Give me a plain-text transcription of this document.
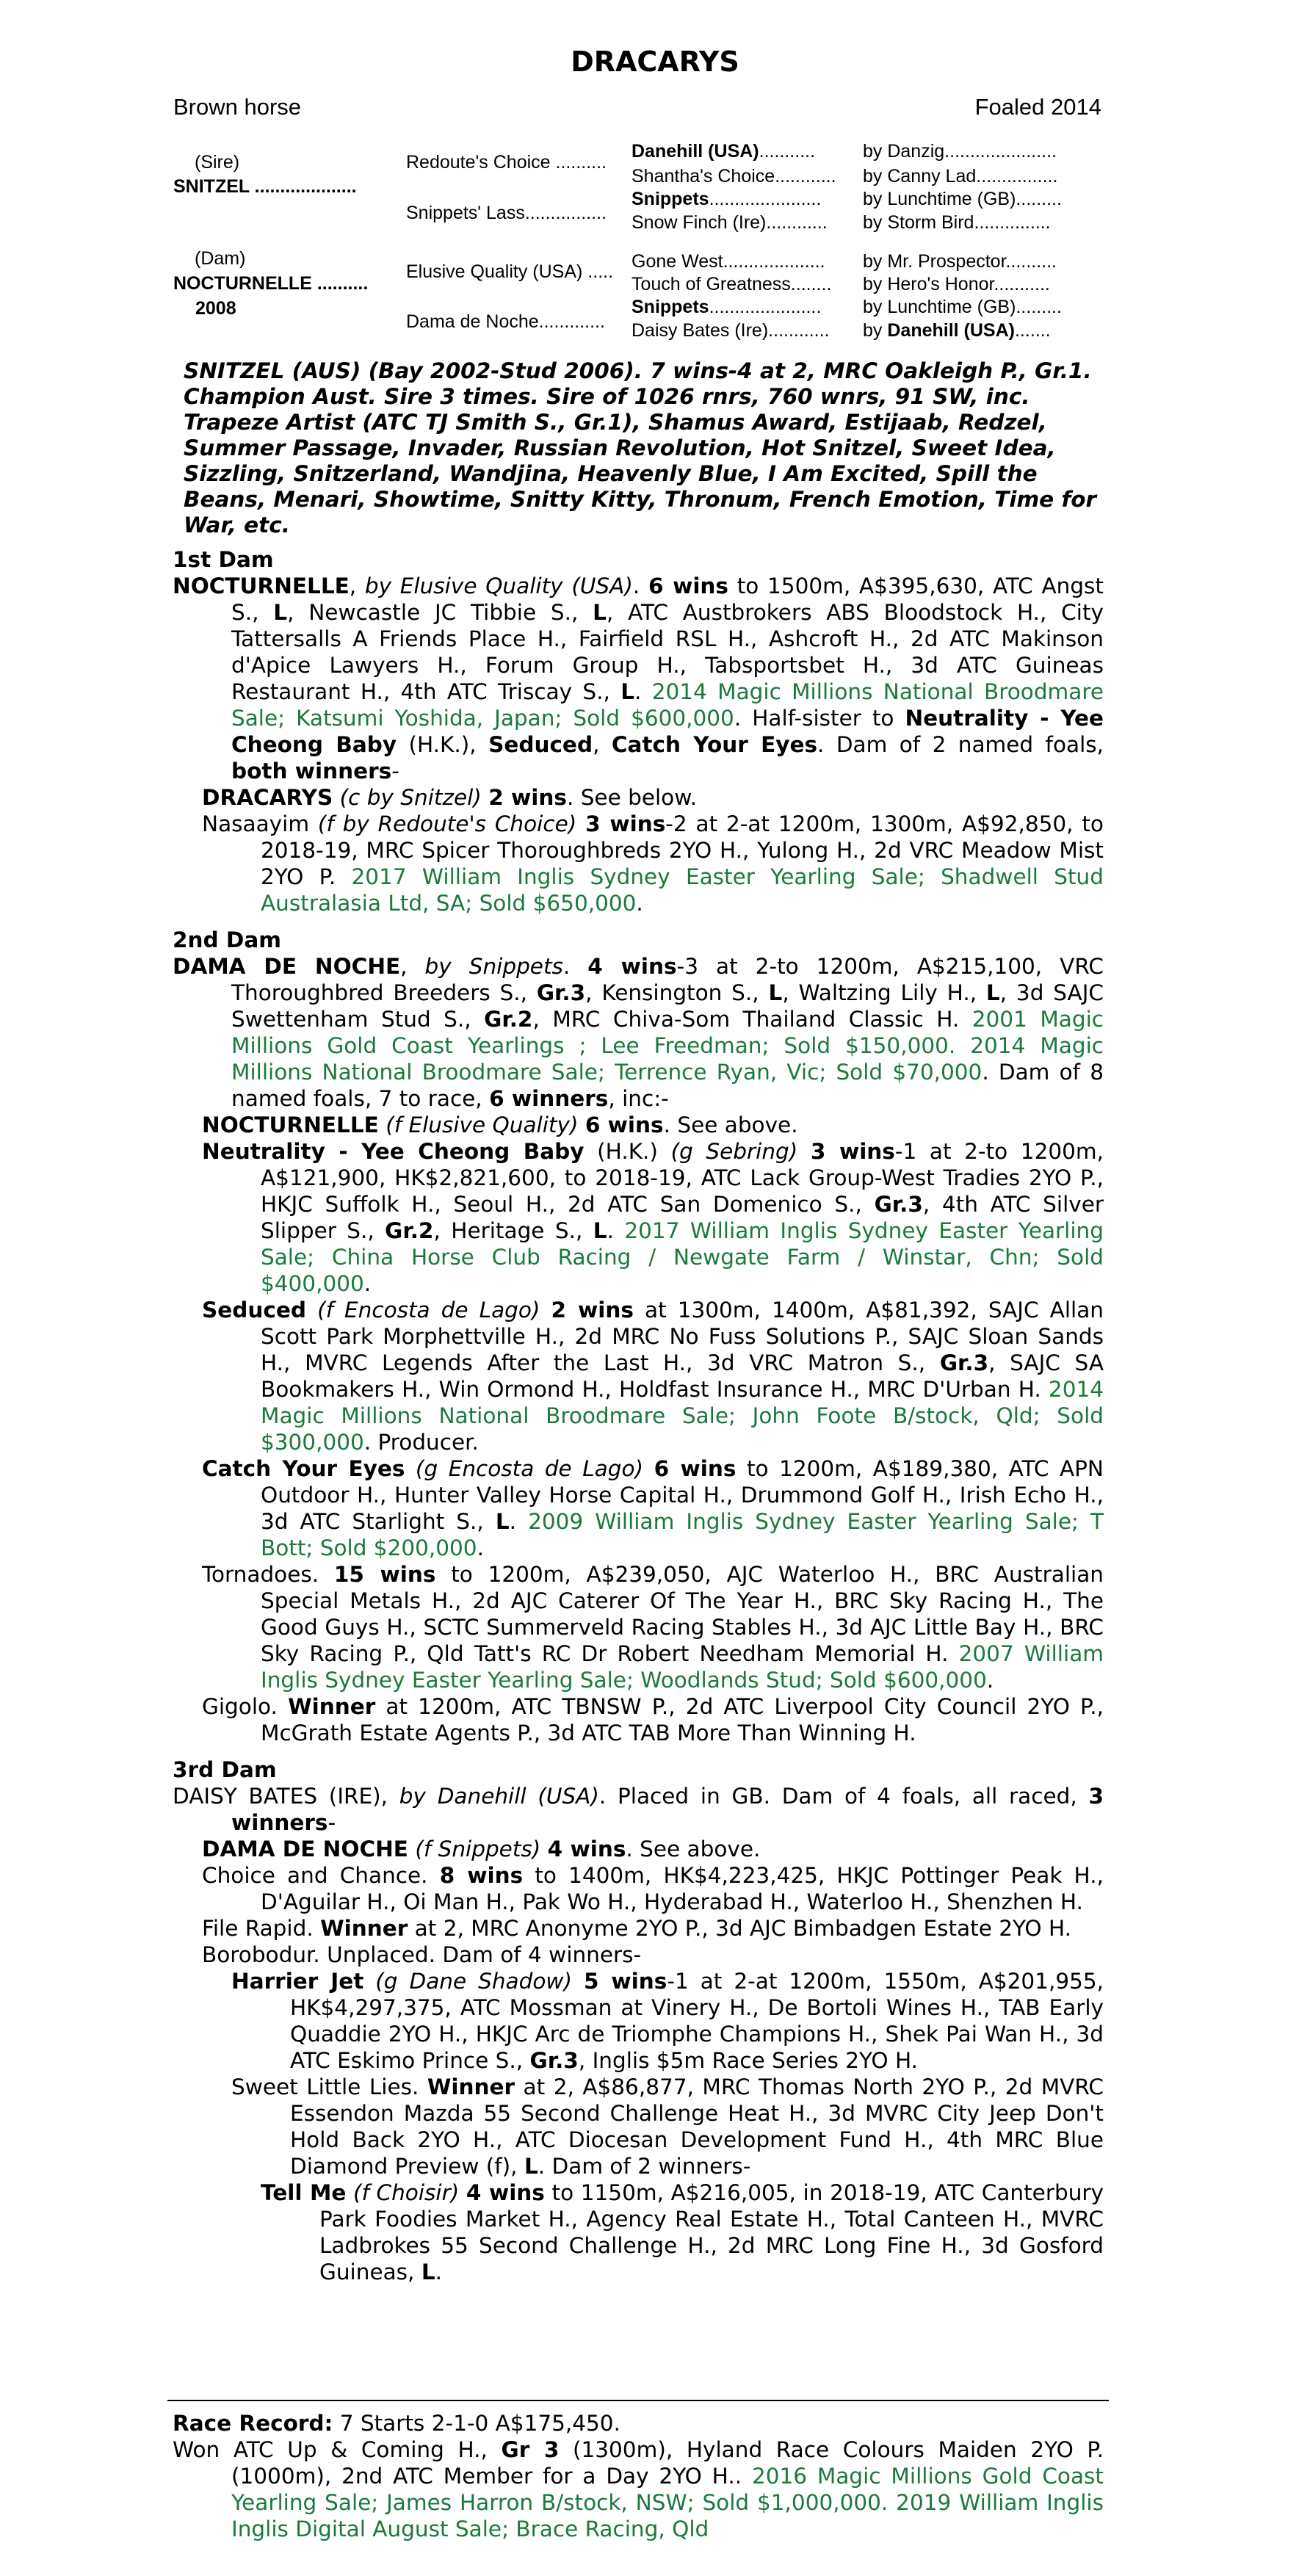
DRACARYS
Brown horse	Foaled 2014
(Sire)
SNITZEL ....................
(Dam)
NOCTURNELLE ..........
2008
Redoute's Choice ..........
Snippets' Lass................
Elusive Quality (USA) .....
Dama de Noche.............
Danehill (USA)...........	by Danzig......................
Shantha's Choice............ by Canny Lad................
Snippets...................... by Lunchtime (GB).........
Snow Finch (Ire)............ by Storm Bird...............
Gone West.................... by Mr. Prospector..........
Touch of Greatness........ by Hero's Honor...........
Snippets...................... by Lunchtime (GB).........
Daisy Bates (Ire)............ by Danehill (USA).......
SNITZEL (AUS) (Bay 2002-Stud 2006). 7 wins-4 at 2, MRC Oakleigh P., Gr.1. Champion Aust. Sire 3 times. Sire of 1026 rnrs, 760 wnrs, 91 SW, inc. Trapeze Artist (ATC TJ Smith S., Gr.1), Shamus Award, Estijaab, Redzel, Summer Passage, Invader, Russian Revolution, Hot Snitzel, Sweet Idea, Sizzling, Snitzerland, Wandjina, Heavenly Blue, I Am Excited, Spill the Beans, Menari, Showtime, Snitty Kitty, Thronum, French Emotion, Time for War, etc.
1st Dam
NOCTURNELLE, by Elusive Quality (USA). 6 wins to 1500m, A$395,630, ATC Angst S., L, Newcastle JC Tibbie S., L, ATC Austbrokers ABS Bloodstock H., City Tattersalls A Friends Place H., Fairfield RSL H., Ashcroft H., 2d ATC Makinson d'Apice Lawyers H., Forum Group H., Tabsportsbet H., 3d ATC Guineas Restaurant H., 4th ATC Triscay S., L. 2014 Magic Millions National Broodmare Sale; Katsumi Yoshida, Japan; Sold $600,000. Half-sister to Neutrality - Yee Cheong Baby (H.K.), Seduced, Catch Your Eyes. Dam of 2 named foals, both winners-
DRACARYS (c by Snitzel) 2 wins. See below.
Nasaayim (f by Redoute's Choice) 3 wins-2 at 2-at 1200m, 1300m, A$92,850, to 2018-19, MRC Spicer Thoroughbreds 2YO H., Yulong H., 2d VRC Meadow Mist 2YO P. 2017 William Inglis Sydney Easter Yearling Sale; Shadwell Stud Australasia Ltd, SA; Sold $650,000.
2nd Dam
DAMA DE NOCHE, by Snippets. 4 wins-3 at 2-to 1200m, A$215,100, VRC Thoroughbred Breeders S., Gr.3, Kensington S., L, Waltzing Lily H., L, 3d SAJC Swettenham Stud S., Gr.2, MRC Chiva-Som Thailand Classic H. 2001 Magic Millions Gold Coast Yearlings ; Lee Freedman; Sold $150,000. 2014 Magic Millions National Broodmare Sale; Terrence Ryan, Vic; Sold $70,000. Dam of 8 named foals, 7 to race, 6 winners, inc:-
NOCTURNELLE (f Elusive Quality) 6 wins. See above.
Neutrality - Yee Cheong Baby (H.K.) (g Sebring) 3 wins-1 at 2-to 1200m, A$121,900, HK$2,821,600, to 2018-19, ATC Lack Group-West Tradies 2YO P., HKJC Suffolk H., Seoul H., 2d ATC San Domenico S., Gr.3, 4th ATC Silver Slipper S., Gr.2, Heritage S., L. 2017 William Inglis Sydney Easter Yearling Sale; China Horse Club Racing / Newgate Farm / Winstar, Chn; Sold $400,000.
Seduced (f Encosta de Lago) 2 wins at 1300m, 1400m, A$81,392, SAJC Allan Scott Park Morphettville H., 2d MRC No Fuss Solutions P., SAJC Sloan Sands H., MVRC Legends After the Last H., 3d VRC Matron S., Gr.3, SAJC SA Bookmakers H., Win Ormond H., Holdfast Insurance H., MRC D'Urban H. 2014 Magic Millions National Broodmare Sale; John Foote B/stock, Qld; Sold $300,000. Producer.
Catch Your Eyes (g Encosta de Lago) 6 wins to 1200m, A$189,380, ATC APN Outdoor H., Hunter Valley Horse Capital H., Drummond Golf H., Irish Echo H., 3d ATC Starlight S., L. 2009 William Inglis Sydney Easter Yearling Sale; T Bott; Sold $200,000.
Tornadoes. 15 wins to 1200m, A$239,050, AJC Waterloo H., BRC Australian Special Metals H., 2d AJC Caterer Of The Year H., BRC Sky Racing H., The Good Guys H., SCTC Summerveld Racing Stables H., 3d AJC Little Bay H., BRC Sky Racing P., Qld Tatt's RC Dr Robert Needham Memorial H. 2007 William Inglis Sydney Easter Yearling Sale; Woodlands Stud; Sold $600,000.
Gigolo. Winner at 1200m, ATC TBNSW P., 2d ATC Liverpool City Council 2YO P., McGrath Estate Agents P., 3d ATC TAB More Than Winning H.
3rd Dam
DAISY BATES (IRE), by Danehill (USA). Placed in GB. Dam of 4 foals, all raced, 3 winners-
DAMA DE NOCHE (f Snippets) 4 wins. See above.
Choice and Chance. 8 wins to 1400m, HK$4,223,425, HKJC Pottinger Peak H., D'Aguilar H., Oi Man H., Pak Wo H., Hyderabad H., Waterloo H., Shenzhen H.
File Rapid. Winner at 2, MRC Anonyme 2YO P., 3d AJC Bimbadgen Estate 2YO H.
Borobodur. Unplaced. Dam of 4 winners-
Harrier Jet (g Dane Shadow) 5 wins-1 at 2-at 1200m, 1550m, A$201,955, HK$4,297,375, ATC Mossman at Vinery H., De Bortoli Wines H., TAB Early Quaddie 2YO H., HKJC Arc de Triomphe Champions H., Shek Pai Wan H., 3d ATC Eskimo Prince S., Gr.3, Inglis $5m Race Series 2YO H.
Sweet Little Lies. Winner at 2, A$86,877, MRC Thomas North 2YO P., 2d MVRC Essendon Mazda 55 Second Challenge Heat H., 3d MVRC City Jeep Don't Hold Back 2YO H., ATC Diocesan Development Fund H., 4th MRC Blue Diamond Preview (f), L. Dam of 2 winners-
Tell Me (f Choisir) 4 wins to 1150m, A$216,005, in 2018-19, ATC Canterbury Park Foodies Market H., Agency Real Estate H., Total Canteen H., MVRC Ladbrokes 55 Second Challenge H., 2d MRC Long Fine H., 3d Gosford Guineas, L.
Race Record: 7 Starts 2-1-0 A$175,450.
Won ATC Up & Coming H., Gr 3 (1300m), Hyland Race Colours Maiden 2YO P. (1000m), 2nd ATC Member for a Day 2YO H.. 2016 Magic Millions Gold Coast Yearling Sale; James Harron B/stock, NSW; Sold $1,000,000. 2019 William Inglis Inglis Digital August Sale; Brace Racing, Qld
